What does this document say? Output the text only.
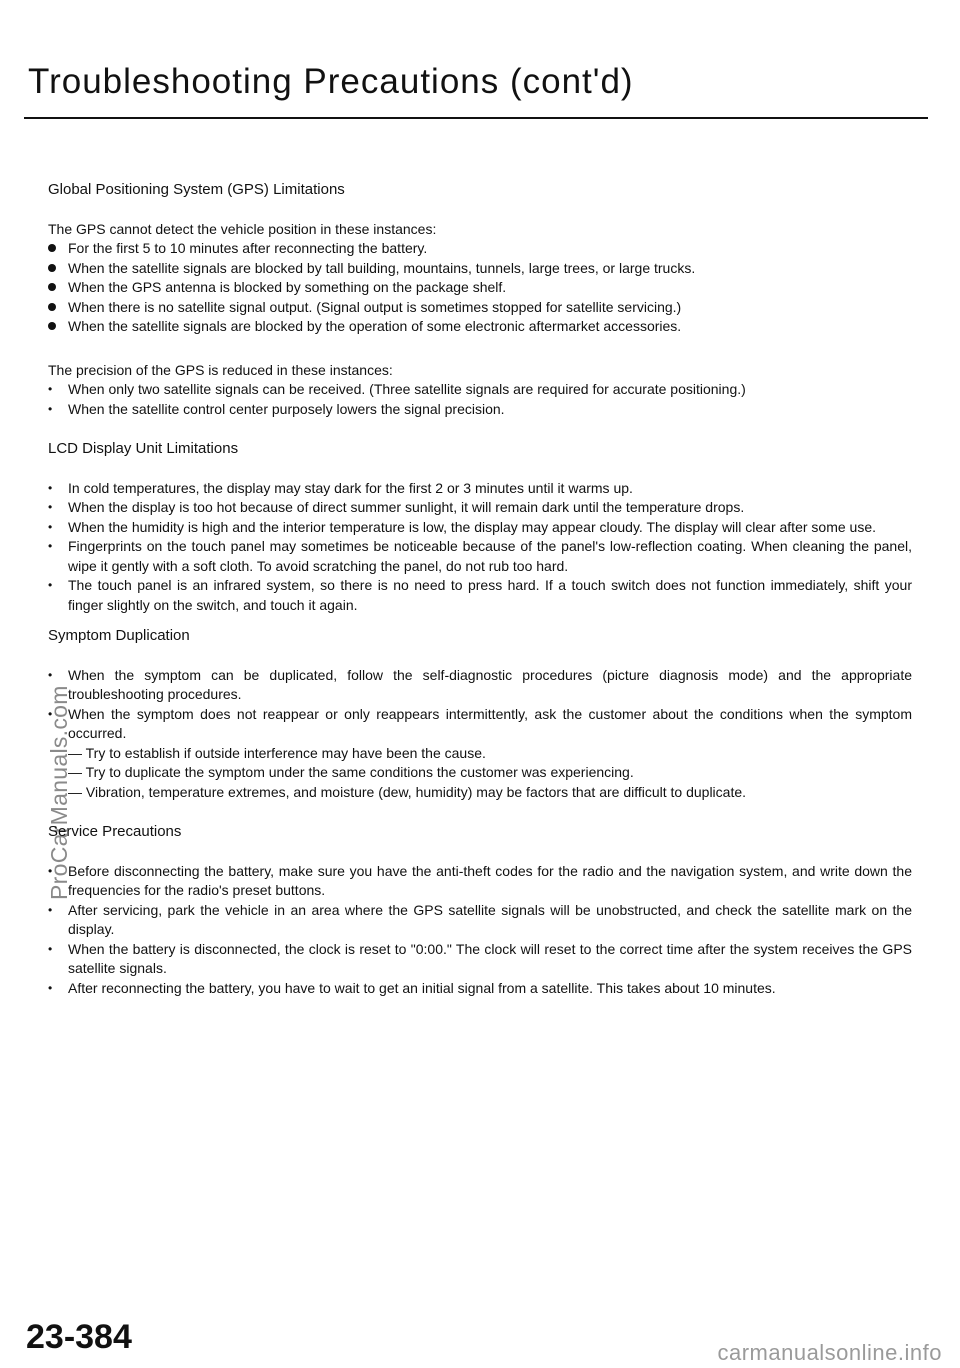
Troubleshooting Precautions (cont'd)
ProCarManuals.com
Global Positioning System (GPS) Limitations

The GPS cannot detect the vehicle position in these instances:

For the first 5 to 10 minutes after reconnecting the battery.
When the satellite signals are blocked by tall building, mountains, tunnels, large trees, or large trucks.
When the GPS antenna is blocked by something on the package shelf.
When there is no satellite signal output. (Signal output is sometimes stopped for satellite servicing.)
When the satellite signals are blocked by the operation of some electronic aftermarket accessories.

The precision of the GPS is reduced in these instances:

• When only two satellite signals can be received. (Three satellite signals are required for accurate positioning.)
• When the satellite control center purposely lowers the signal precision.
LCD Display Unit Limitations
• In cold temperatures, the display may stay dark for the first 2 or 3 minutes until it warms up.
• When the display is too hot because of direct summer sunlight, it will remain dark until the temperature drops.
• When the humidity is high and the interior temperature is low, the display may appear cloudy. The display will clear after some use.
• Fingerprints on the touch panel may sometimes be noticeable because of the panel's low-reflection coating. When cleaning the panel, wipe it gently with a soft cloth. To avoid scratching the panel, do not rub too hard.
• The touch panel is an infrared system, so there is no need to press hard. If a touch switch does not function immediately, shift your finger slightly on the switch, and touch it again.
Symptom Duplication
• When the symptom can be duplicated, follow the self-diagnostic procedures (picture diagnosis mode) and the appropriate troubleshooting procedures.
• When the symptom does not reappear or only reappears intermittently, ask the customer about the conditions when the symptom occurred.
— Try to establish if outside interference may have been the cause.
— Try to duplicate the symptom under the same conditions the customer was experiencing.
— Vibration, temperature extremes, and moisture (dew, humidity) may be factors that are difficult to duplicate.
Service Precautions
• Before disconnecting the battery, make sure you have the anti-theft codes for the radio and the navigation system, and write down the frequencies for the radio's preset buttons.
• After servicing, park the vehicle in an area where the GPS satellite signals will be unobstructed, and check the satellite mark on the display.
• When the battery is disconnected, the clock is reset to "0:00." The clock will reset to the correct time after the system receives the GPS satellite signals.
• After reconnecting the battery, you have to wait to get an initial signal from a satellite. This takes about 10 minutes.

23-384	carmanualsonline.info
